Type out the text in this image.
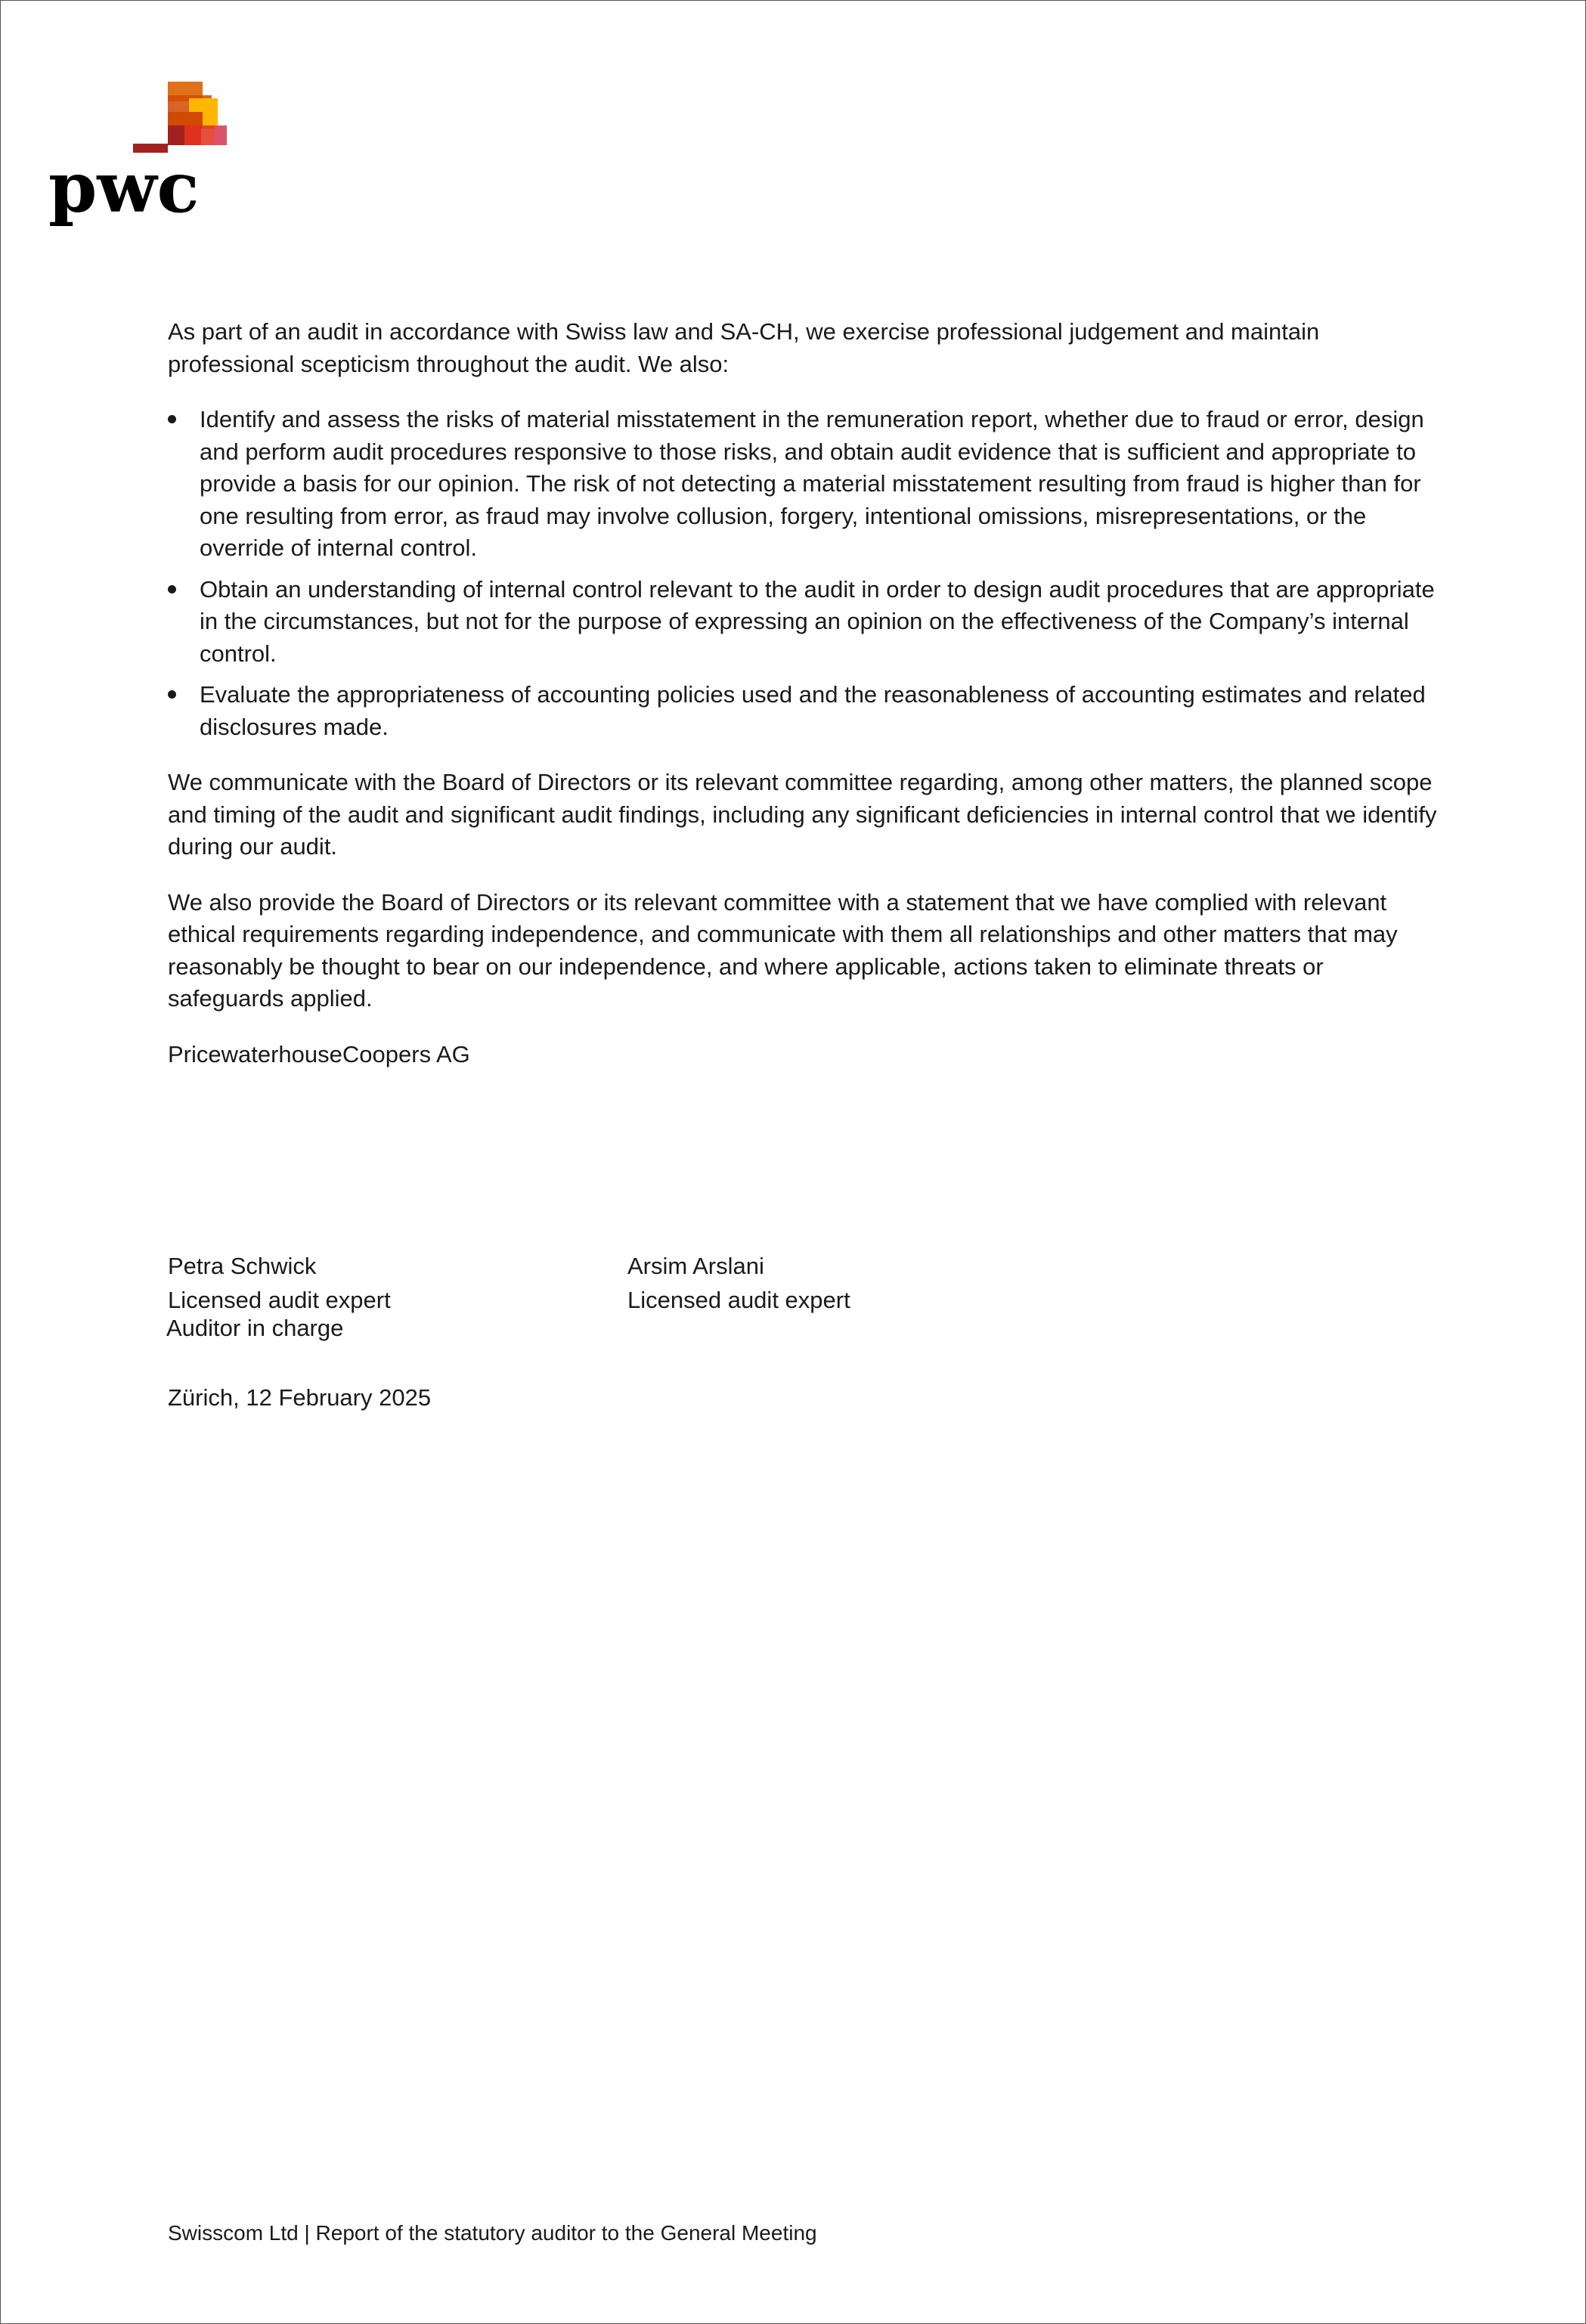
pwc

As part of an audit in accordance with Swiss law and SA-CH, we exercise professional judgement and maintain professional scepticism throughout the audit. We also:

Identify and assess the risks of material misstatement in the remuneration report, whether due to fraud or error, design and perform audit procedures responsive to those risks, and obtain audit evidence that is sufficient and appropriate to provide a basis for our opinion. The risk of not detecting a material misstatement resulting from fraud is higher than for one resulting from error, as fraud may involve collusion, forgery, intentional omissions, misrepresentations, or the override of internal control.
Obtain an understanding of internal control relevant to the audit in order to design audit procedures that are appropriate in the circumstances, but not for the purpose of expressing an opinion on the effectiveness of the Company’s internal control.
Evaluate the appropriateness of accounting policies used and the reasonableness of accounting estimates and related disclosures made.

We communicate with the Board of Directors or its relevant committee regarding, among other matters, the planned scope and timing of the audit and significant audit findings, including any significant deficiencies in internal control that we identify during our audit.

We also provide the Board of Directors or its relevant committee with a statement that we have complied with relevant ethical requirements regarding independence, and communicate with them all relationships and other matters that may reasonably be thought to bear on our independence, and where applicable, actions taken to eliminate threats or safeguards applied.

PricewaterhouseCoopers AG

Petra Schwick
Licensed audit expert
Auditor in charge
Arsim Arslani
Licensed audit expert
Zürich, 12 February 2025
Swisscom Ltd | Report of the statutory auditor to the General Meeting
